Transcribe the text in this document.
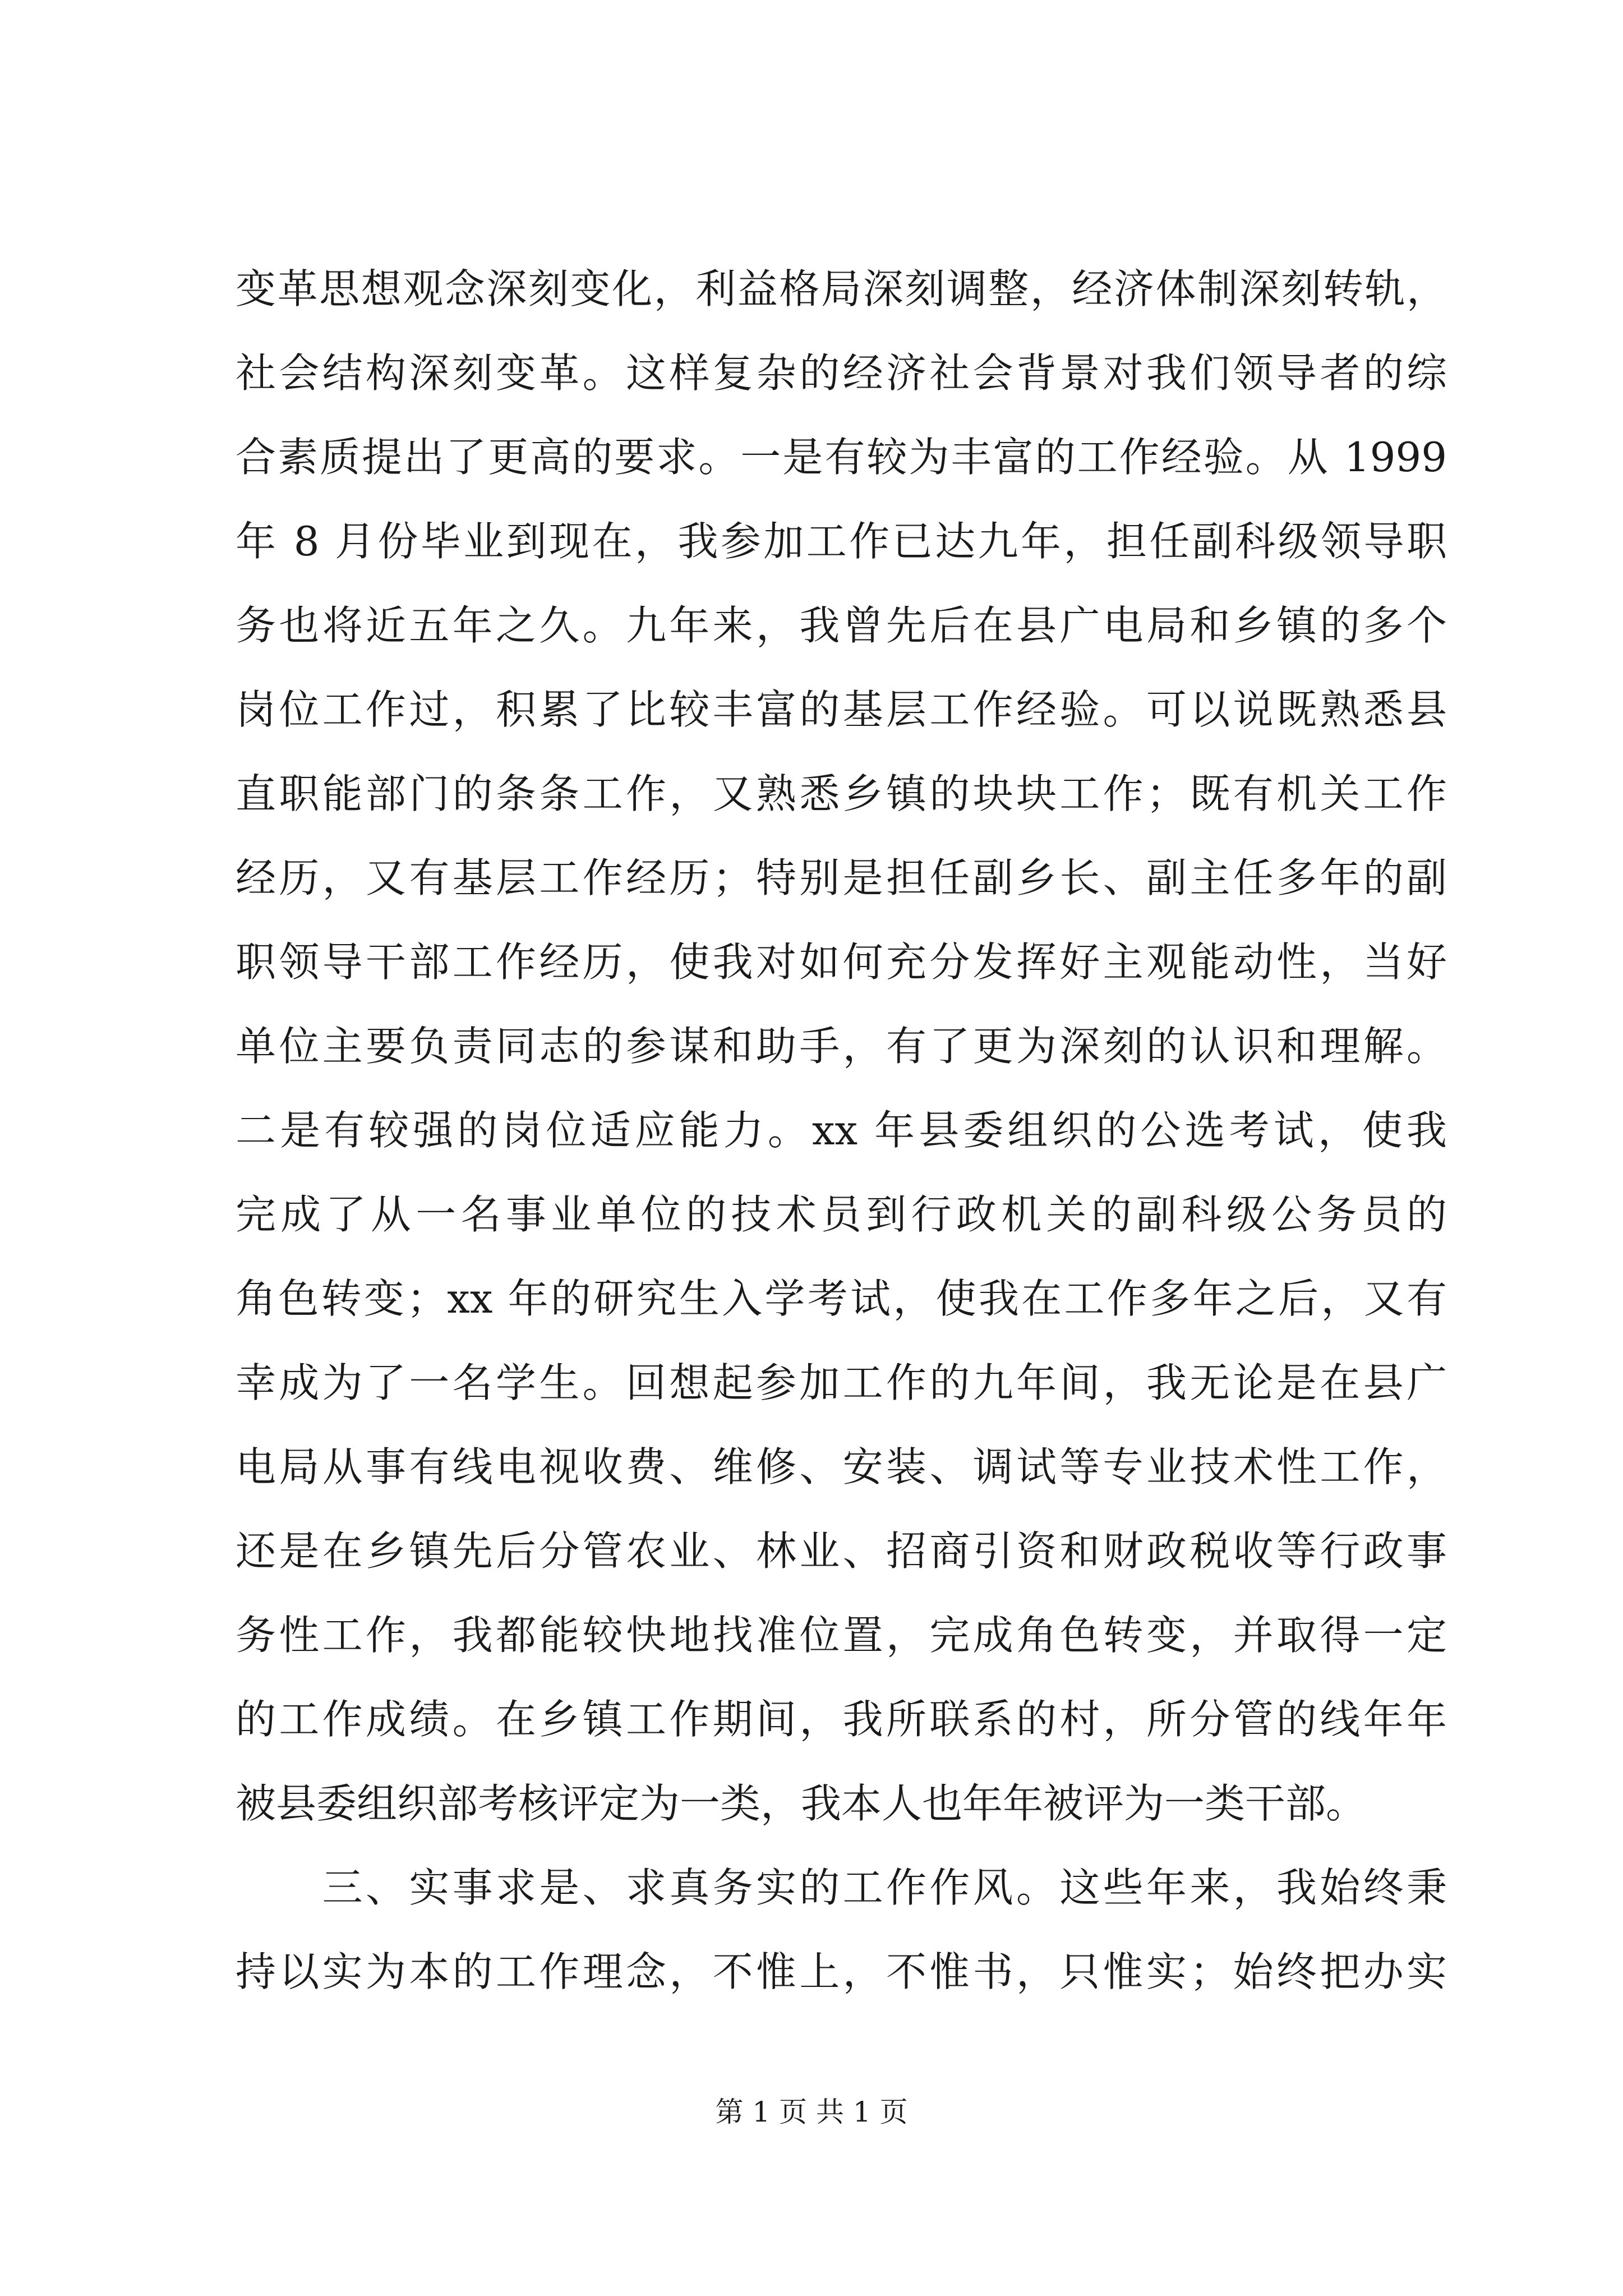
变革思想观念深刻变化，利益格局深刻调整，经济体制深刻转轨，
社会结构深刻变革。这样复杂的经济社会背景对我们领导者的综
合素质提出了更高的要求。一是有较为丰富的工作经验。从 1999
年 8 月份毕业到现在，我参加工作已达九年，担任副科级领导职
务也将近五年之久。九年来，我曾先后在县广电局和乡镇的多个
岗位工作过，积累了比较丰富的基层工作经验。可以说既熟悉县
直职能部门的条条工作，又熟悉乡镇的块块工作；既有机关工作
经历，又有基层工作经历；特别是担任副乡长、副主任多年的副
职领导干部工作经历，使我对如何充分发挥好主观能动性，当好
单位主要负责同志的参谋和助手，有了更为深刻的认识和理解。
二是有较强的岗位适应能力。xx 年县委组织的公选考试，使我
完成了从一名事业单位的技术员到行政机关的副科级公务员的
角色转变；xx 年的研究生入学考试，使我在工作多年之后，又有
幸成为了一名学生。回想起参加工作的九年间，我无论是在县广
电局从事有线电视收费、维修、安装、调试等专业技术性工作，
还是在乡镇先后分管农业、林业、招商引资和财政税收等行政事
务性工作，我都能较快地找准位置，完成角色转变，并取得一定
的工作成绩。在乡镇工作期间，我所联系的村，所分管的线年年
被县委组织部考核评定为一类，我本人也年年被评为一类干部。
　　三、实事求是、求真务实的工作作风。这些年来，我始终秉
持以实为本的工作理念，不惟上，不惟书，只惟实；始终把办实
第 1 页 共 1 页
